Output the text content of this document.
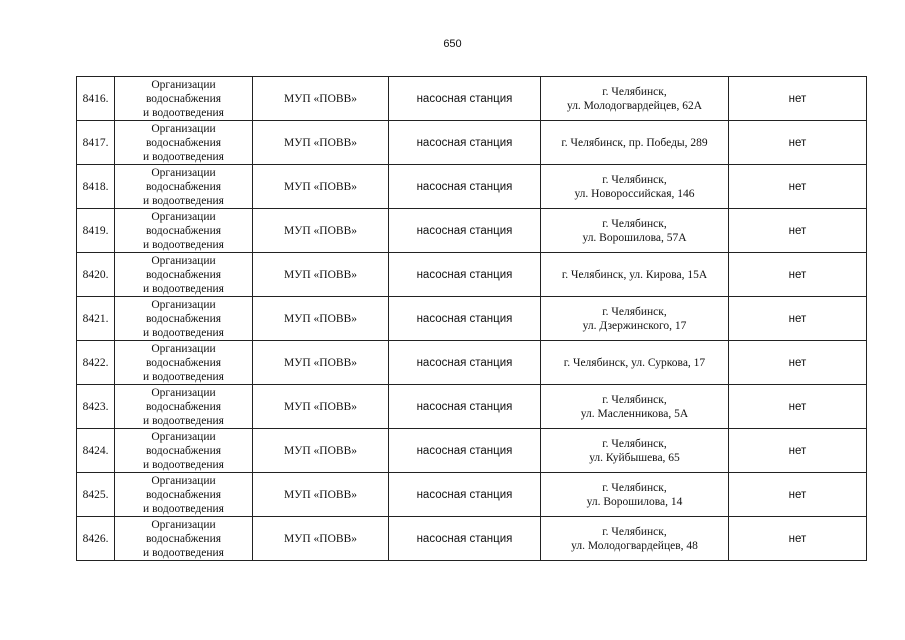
650
8416.	Организации
водоснабжения
и водоотведения	МУП «ПОВВ»	насосная станция	г. Челябинск,
ул. Молодогвардейцев, 62А	нет
8417.	Организации
водоснабжения
и водоотведения	МУП «ПОВВ»	насосная станция	г. Челябинск, пр. Победы, 289	нет
8418.	Организации
водоснабжения
и водоотведения	МУП «ПОВВ»	насосная станция	г. Челябинск,
ул. Новороссийская, 146	нет
8419.	Организации
водоснабжения
и водоотведения	МУП «ПОВВ»	насосная станция	г. Челябинск,
ул. Ворошилова, 57А	нет
8420.	Организации
водоснабжения
и водоотведения	МУП «ПОВВ»	насосная станция	г. Челябинск, ул. Кирова, 15А	нет
8421.	Организации
водоснабжения
и водоотведения	МУП «ПОВВ»	насосная станция	г. Челябинск,
ул. Дзержинского, 17	нет
8422.	Организации
водоснабжения
и водоотведения	МУП «ПОВВ»	насосная станция	г. Челябинск, ул. Суркова, 17	нет
8423.	Организации
водоснабжения
и водоотведения	МУП «ПОВВ»	насосная станция	г. Челябинск,
ул. Масленникова, 5А	нет
8424.	Организации
водоснабжения
и водоотведения	МУП «ПОВВ»	насосная станция	г. Челябинск,
ул. Куйбышева, 65	нет
8425.	Организации
водоснабжения
и водоотведения	МУП «ПОВВ»	насосная станция	г. Челябинск,
ул. Ворошилова, 14	нет
8426.	Организации
водоснабжения
и водоотведения	МУП «ПОВВ»	насосная станция	г. Челябинск,
ул. Молодогвардейцев, 48	нет
